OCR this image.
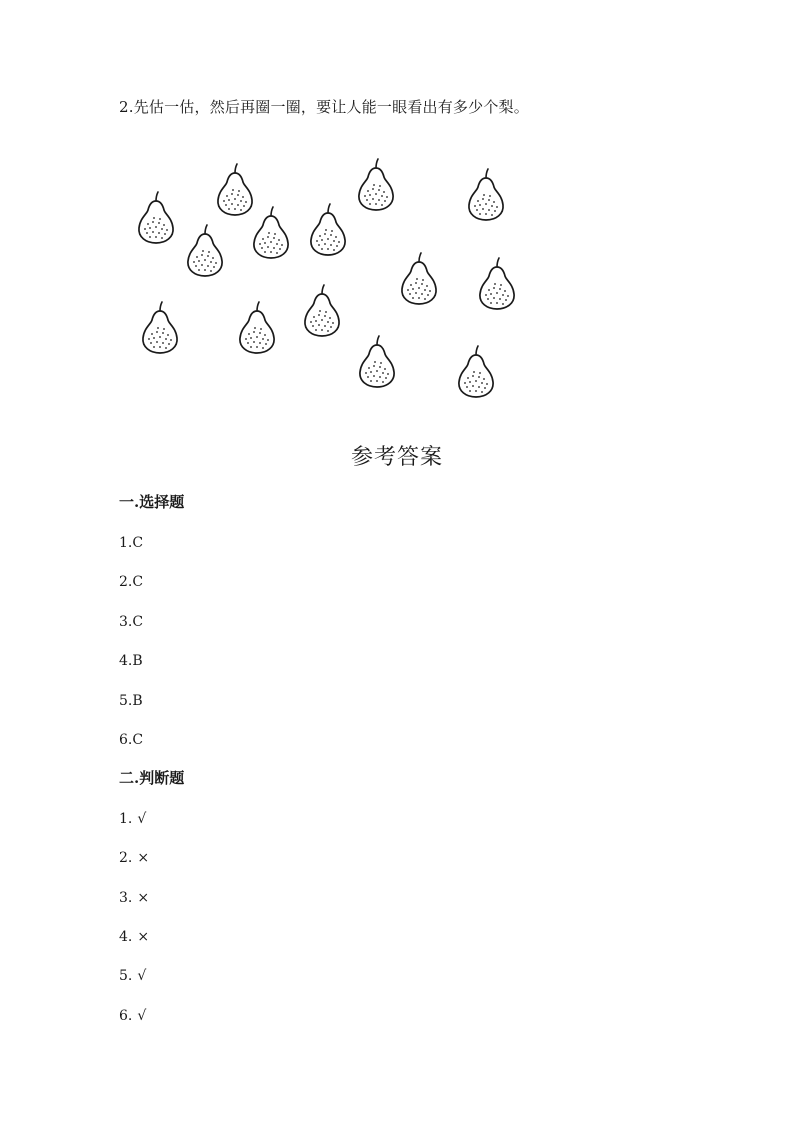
2.先估一估，然后再圈一圈，要让人能一眼看出有多少个梨。
参考答案
一.选择题
1.C
2.C
3.C
4.B
5.B
6.C
二.判断题
1. √
2. ×
3. ×
4. ×
5. √
6. √
